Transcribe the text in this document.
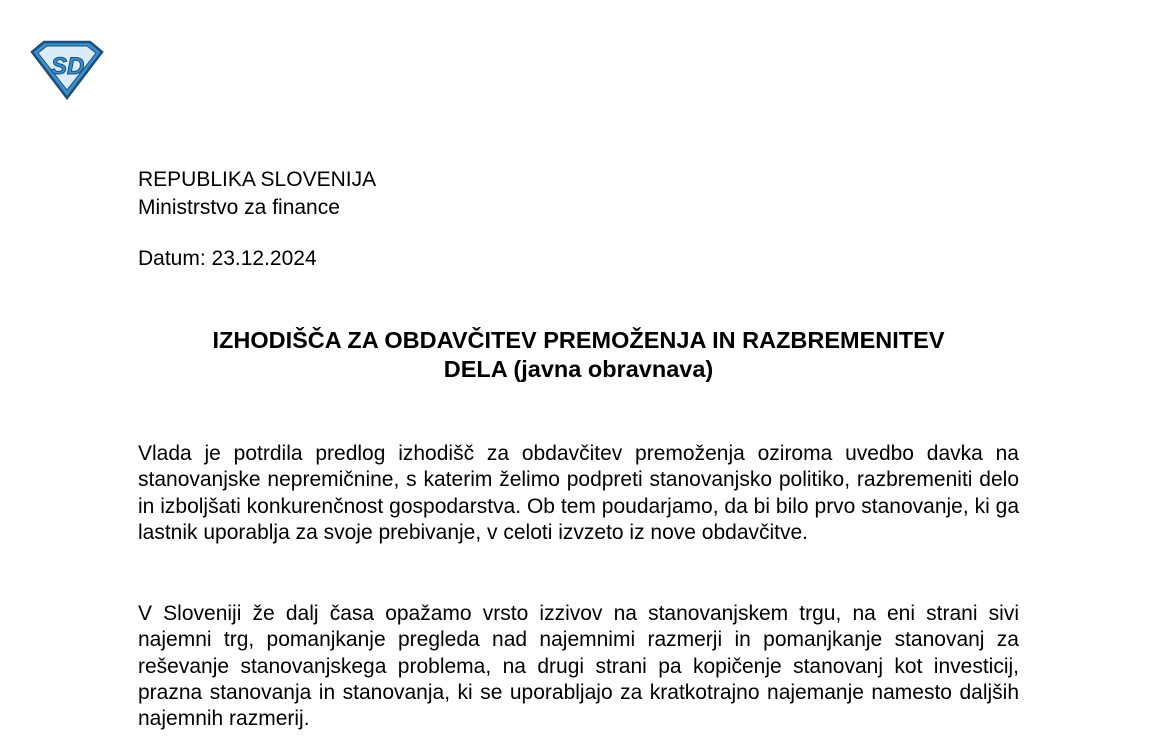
SD
REPUBLIKA SLOVENIJA
Ministrstvo za finance
Datum: 23.12.2024
IZHODIŠČA ZA OBDAVČITEV PREMOŽENJA IN RAZBREMENITEV
DELA (javna obravnava)
Vlada je potrdila predlog izhodišč za obdavčitev premoženja oziroma uvedbo davka na stanovanjske nepremičnine, s katerim želimo podpreti stanovanjsko politiko, razbremeniti delo in izboljšati konkurenčnost gospodarstva. Ob tem poudarjamo, da bi bilo prvo stanovanje, ki ga lastnik uporablja za svoje prebivanje, v celoti izvzeto iz nove obdavčitve.
V Sloveniji že dalj časa opažamo vrsto izzivov na stanovanjskem trgu, na eni strani sivi najemni trg, pomanjkanje pregleda nad najemnimi razmerji in pomanjkanje stanovanj za reševanje stanovanjskega problema, na drugi strani pa kopičenje stanovanj kot investicij, prazna stanovanja in stanovanja, ki se uporabljajo za kratkotrajno najemanje namesto daljših najemnih razmerij.
